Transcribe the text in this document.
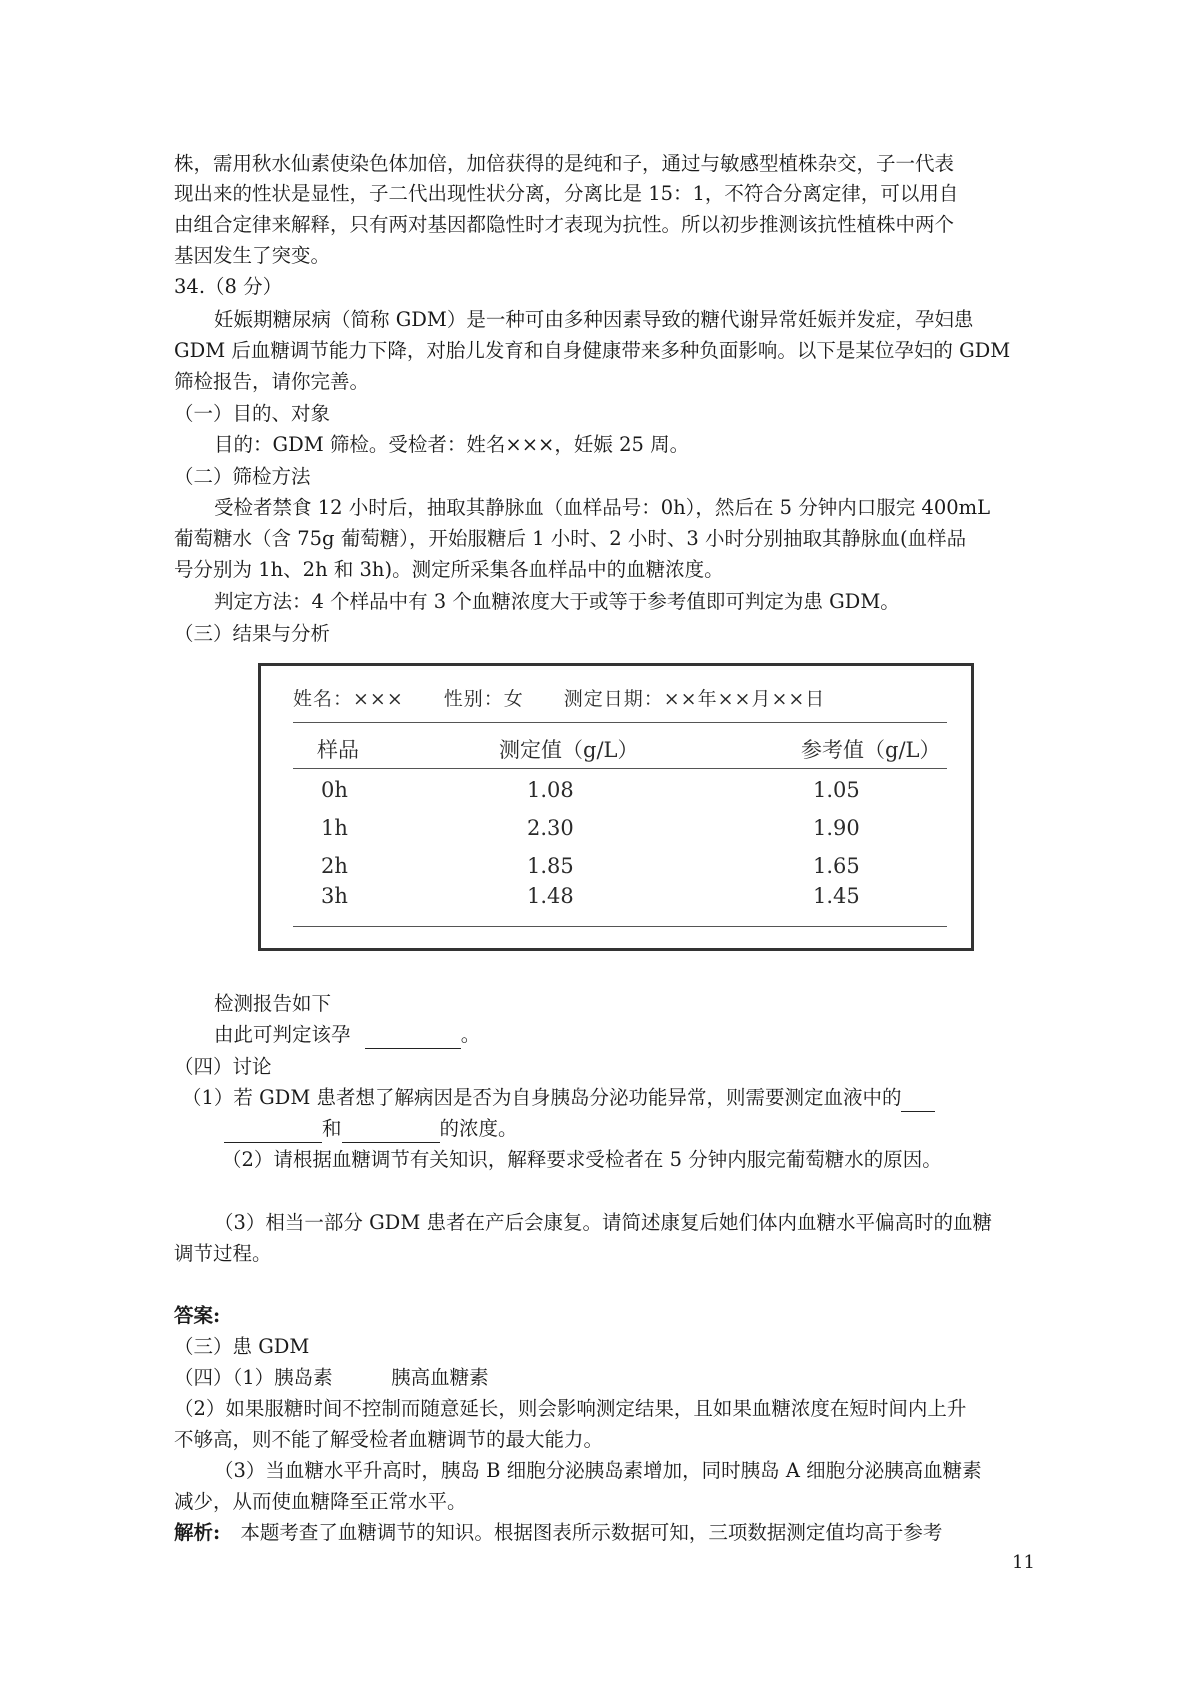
株，需用秋水仙素使染色体加倍，加倍获得的是纯和子，通过与敏感型植株杂交，子一代表
现出来的性状是显性，子二代出现性状分离，分离比是 15：1，不符合分离定律，可以用自
由组合定律来解释，只有两对基因都隐性时才表现为抗性。所以初步推测该抗性植株中两个
基因发生了突变。
34.（8 分）
妊娠期糖尿病（简称 GDM）是一种可由多种因素导致的糖代谢异常妊娠并发症，孕妇患
GDM 后血糖调节能力下降，对胎儿发育和自身健康带来多种负面影响。以下是某位孕妇的 GDM
筛检报告，请你完善。
（一）目的、对象
目的：GDM 筛检。受检者：姓名×××，妊娠 25 周。
（二）筛检方法
受检者禁食 12 小时后，抽取其静脉血（血样品号：0h），然后在 5 分钟内口服完 400mL
葡萄糖水（含 75g 葡萄糖），开始服糖后 1 小时、2 小时、3 小时分别抽取其静脉血(血样品
号分别为 1h、2h 和 3h)。测定所采集各血样品中的血糖浓度。
判定方法：4 个样品中有 3 个血糖浓度大于或等于参考值即可判定为患 GDM。
（三）结果与分析
姓名：×××　　性别：女　　测定日期：××年××月××日
样品	测定值（g/L）	参考值（g/L）
0h	1.08	1.05
1h	2.30	1.90
2h	1.85	1.65
3h	1.48	1.45
检测报告如下
由此可判定该孕	。
（四）讨论
（1）若 GDM 患者想了解病因是否为自身胰岛分泌功能异常，则需要测定血液中的
和	的浓度。
（2）请根据血糖调节有关知识，解释要求受检者在 5 分钟内服完葡萄糖水的原因。
（3）相当一部分 GDM 患者在产后会康复。请简述康复后她们体内血糖水平偏高时的血糖
调节过程。
答案:
（三）患 GDM
（四）（1）胰岛素　　　胰高血糖素
（2）如果服糖时间不控制而随意延长，则会影响测定结果，且如果血糖浓度在短时间内上升
不够高，则不能了解受检者血糖调节的最大能力。
（3）当血糖水平升高时，胰岛 B 细胞分泌胰岛素增加，同时胰岛 A 细胞分泌胰高血糖素
减少，从而使血糖降至正常水平。
解析: 本题考查了血糖调节的知识。根据图表所示数据可知，三项数据测定值均高于参考
11
